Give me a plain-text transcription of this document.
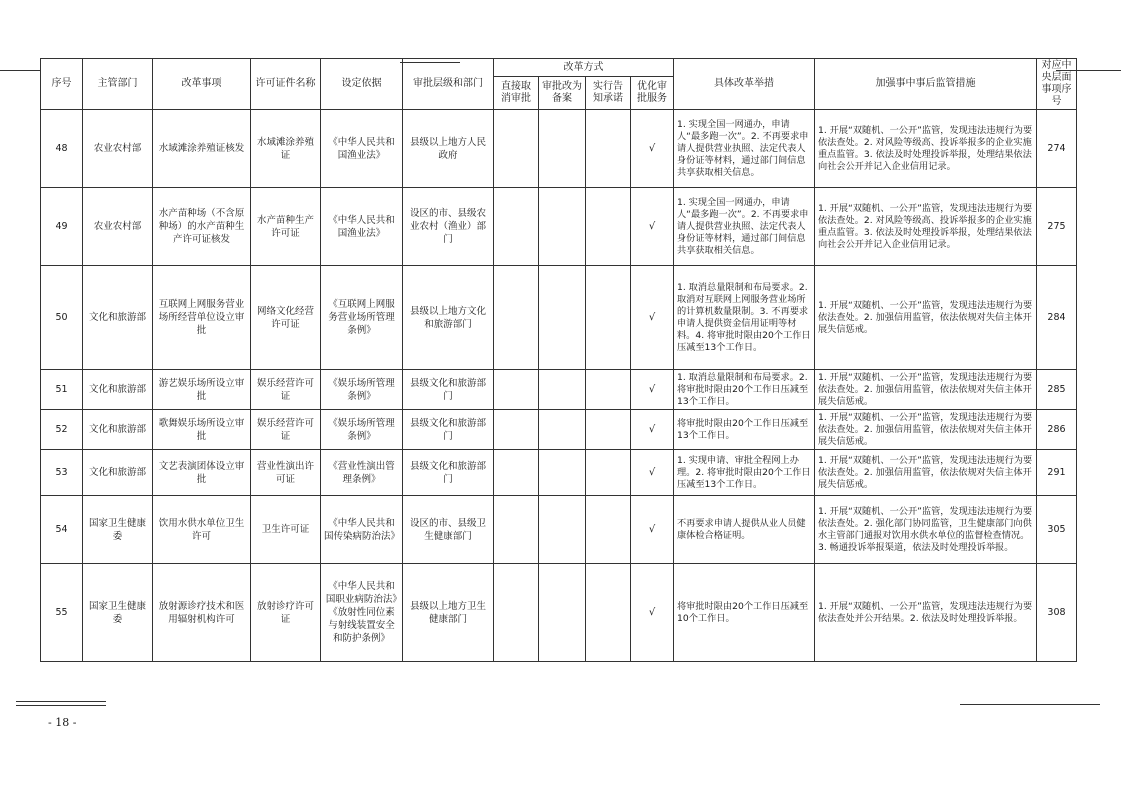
序号	主管部门	改革事项	许可证件名称	设定依据	审批层级和部门	改革方式				具体改革举措	加强事中事后监管措施	对应中央层面事项序号
						直接取消审批	审批改为备案	实行告知承诺	优化审批服务			
48	农业农村部	水域滩涂养殖证核发	水域滩涂养殖证	《中华人民共和国渔业法》	县级以上地方人民政府				√	1. 实现全国一网通办，申请人“最多跑一次”。2. 不再要求申请人提供营业执照、法定代表人身份证等材料，通过部门间信息共享获取相关信息。	1. 开展“双随机、一公开”监管，发现违法违规行为要依法查处。2. 对风险等级高、投诉举报多的企业实施重点监管。3. 依法及时处理投诉举报，处理结果依法向社会公开并记入企业信用记录。	274
49	农业农村部	水产苗种场（不含原种场）的水产苗种生产许可证核发	水产苗种生产许可证	《中华人民共和国渔业法》	设区的市、县级农业农村（渔业）部门				√	1. 实现全国一网通办，申请人“最多跑一次”。2. 不再要求申请人提供营业执照、法定代表人身份证等材料，通过部门间信息共享获取相关信息。	1. 开展“双随机、一公开”监管，发现违法违规行为要依法查处。2. 对风险等级高、投诉举报多的企业实施重点监管。3. 依法及时处理投诉举报，处理结果依法向社会公开并记入企业信用记录。	275
50	文化和旅游部	互联网上网服务营业场所经营单位设立审批	网络文化经营许可证	《互联网上网服务营业场所管理条例》	县级以上地方文化和旅游部门				√	1. 取消总量限制和布局要求。2. 取消对互联网上网服务营业场所的计算机数量限制。3. 不再要求申请人提供资金信用证明等材料。4. 将审批时限由20个工作日压减至13个工作日。	1. 开展“双随机、一公开”监管，发现违法违规行为要依法查处。2. 加强信用监管，依法依规对失信主体开展失信惩戒。	284
51	文化和旅游部	游艺娱乐场所设立审批	娱乐经营许可证	《娱乐场所管理条例》	县级文化和旅游部门				√	1. 取消总量限制和布局要求。2. 将审批时限由20个工作日压减至13个工作日。	1. 开展“双随机、一公开”监管，发现违法违规行为要依法查处。2. 加强信用监管，依法依规对失信主体开展失信惩戒。	285
52	文化和旅游部	歌舞娱乐场所设立审批	娱乐经营许可证	《娱乐场所管理条例》	县级文化和旅游部门				√	将审批时限由20个工作日压减至13个工作日。	1. 开展“双随机、一公开”监管，发现违法违规行为要依法查处。2. 加强信用监管，依法依规对失信主体开展失信惩戒。	286
53	文化和旅游部	文艺表演团体设立审批	营业性演出许可证	《营业性演出管理条例》	县级文化和旅游部门				√	1. 实现申请、审批全程网上办理。2. 将审批时限由20个工作日压减至13个工作日。	1. 开展“双随机、一公开”监管，发现违法违规行为要依法查处。2. 加强信用监管，依法依规对失信主体开展失信惩戒。	291
54	国家卫生健康委	饮用水供水单位卫生许可	卫生许可证	《中华人民共和国传染病防治法》	设区的市、县级卫生健康部门				√	不再要求申请人提供从业人员健康体检合格证明。	1. 开展“双随机、一公开”监管，发现违法违规行为要依法查处。2. 强化部门协同监管，卫生健康部门向供水主管部门通报对饮用水供水单位的监督检查情况。3. 畅通投诉举报渠道，依法及时处理投诉举报。	305
55	国家卫生健康委	放射源诊疗技术和医用辐射机构许可	放射诊疗许可证	《中华人民共和国职业病防治法》《放射性同位素与射线装置安全和防护条例》	县级以上地方卫生健康部门				√	将审批时限由20个工作日压减至10个工作日。	1. 开展“双随机、一公开”监管，发现违法违规行为要依法查处并公开结果。2. 依法及时处理投诉举报。	308
- 18 -
